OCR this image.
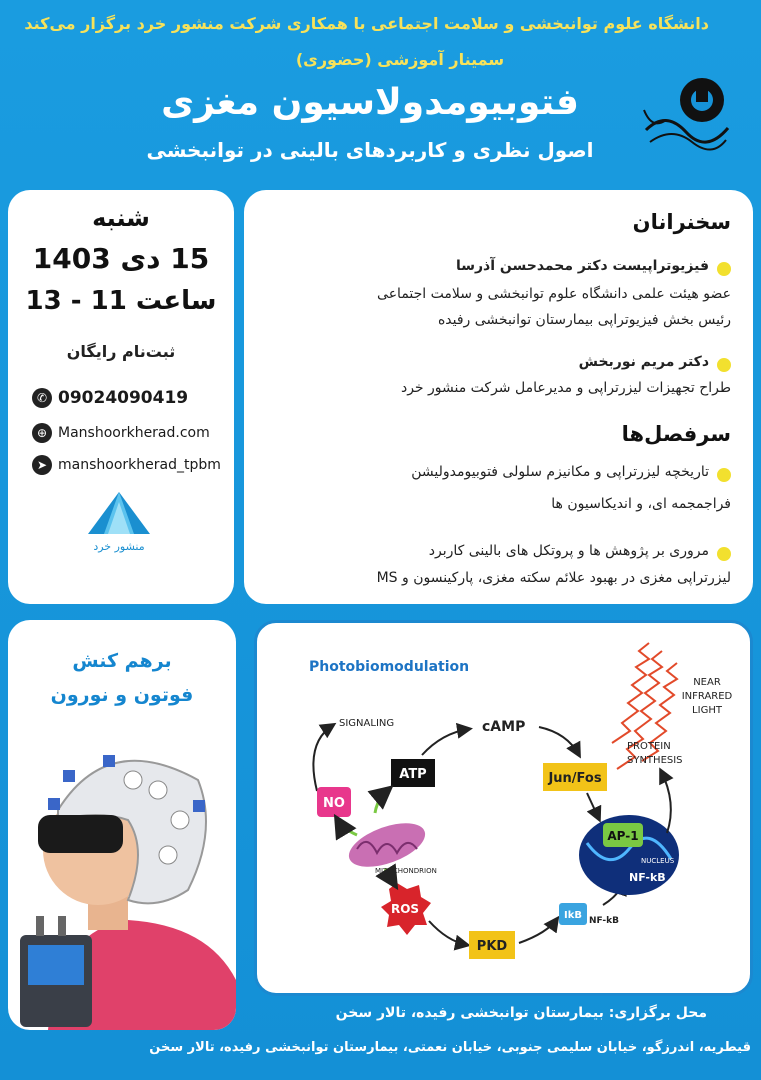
دانشگاه علوم توانبخشی و سلامت اجتماعی با همکاری شرکت منشور خرد برگزار می‌کند
سمینار آموزشی (حضوری)
فتوبیومدولاسیون مغزی
اصول نظری و کاربردهای بالینی در توانبخشی
شنبه
15 دی 1403
ساعت 11 - 13
ثبت‌نام رایگان
✆ 09024090419
⊕ Manshoorkherad.com
➤ manshoorkherad_tpbm
منشور خرد
سخنرانان
فیزیوتراپیست دکتر محمدحسن آذرسا
عضو هیئت علمی دانشگاه علوم توانبخشی و سلامت اجتماعی
رئیس بخش فیزیوتراپی بیمارستان توانبخشی رفیده
دکتر مریم نوربخش
طراح تجهیزات لیزرتراپی و مدیرعامل شرکت منشور خرد
سرفصل‌ها
تاریخچه لیزرتراپی و مکانیزم سلولی فتوبیومدولیشن
فراجمجمه ای، و اندیکاسیون ها
مروری بر پژوهش ها و پروتکل های بالینی کاربرد
لیزرتراپی مغزی در بهبود علائم سکته مغزی، پارکینسون و MS
برهم کنش
فوتون و نورون
Photobiomodulation
NEAR
INFRARED
LIGHT
SIGNALING	cAMP
ATP
NO
MITOCHONDRION
ROS
PKD
IkB NF-kB
Jun/Fos
AP-1
NUCLEUS
NF-kB
PROTEIN
SYNTHESIS
محل برگزاری: بیمارستان توانبخشی رفیده، تالار سخن
قیطریه، اندرزگو، خیابان سلیمی جنوبی، خیابان نعمتی، بیمارستان توانبخشی رفیده، تالار سخن
